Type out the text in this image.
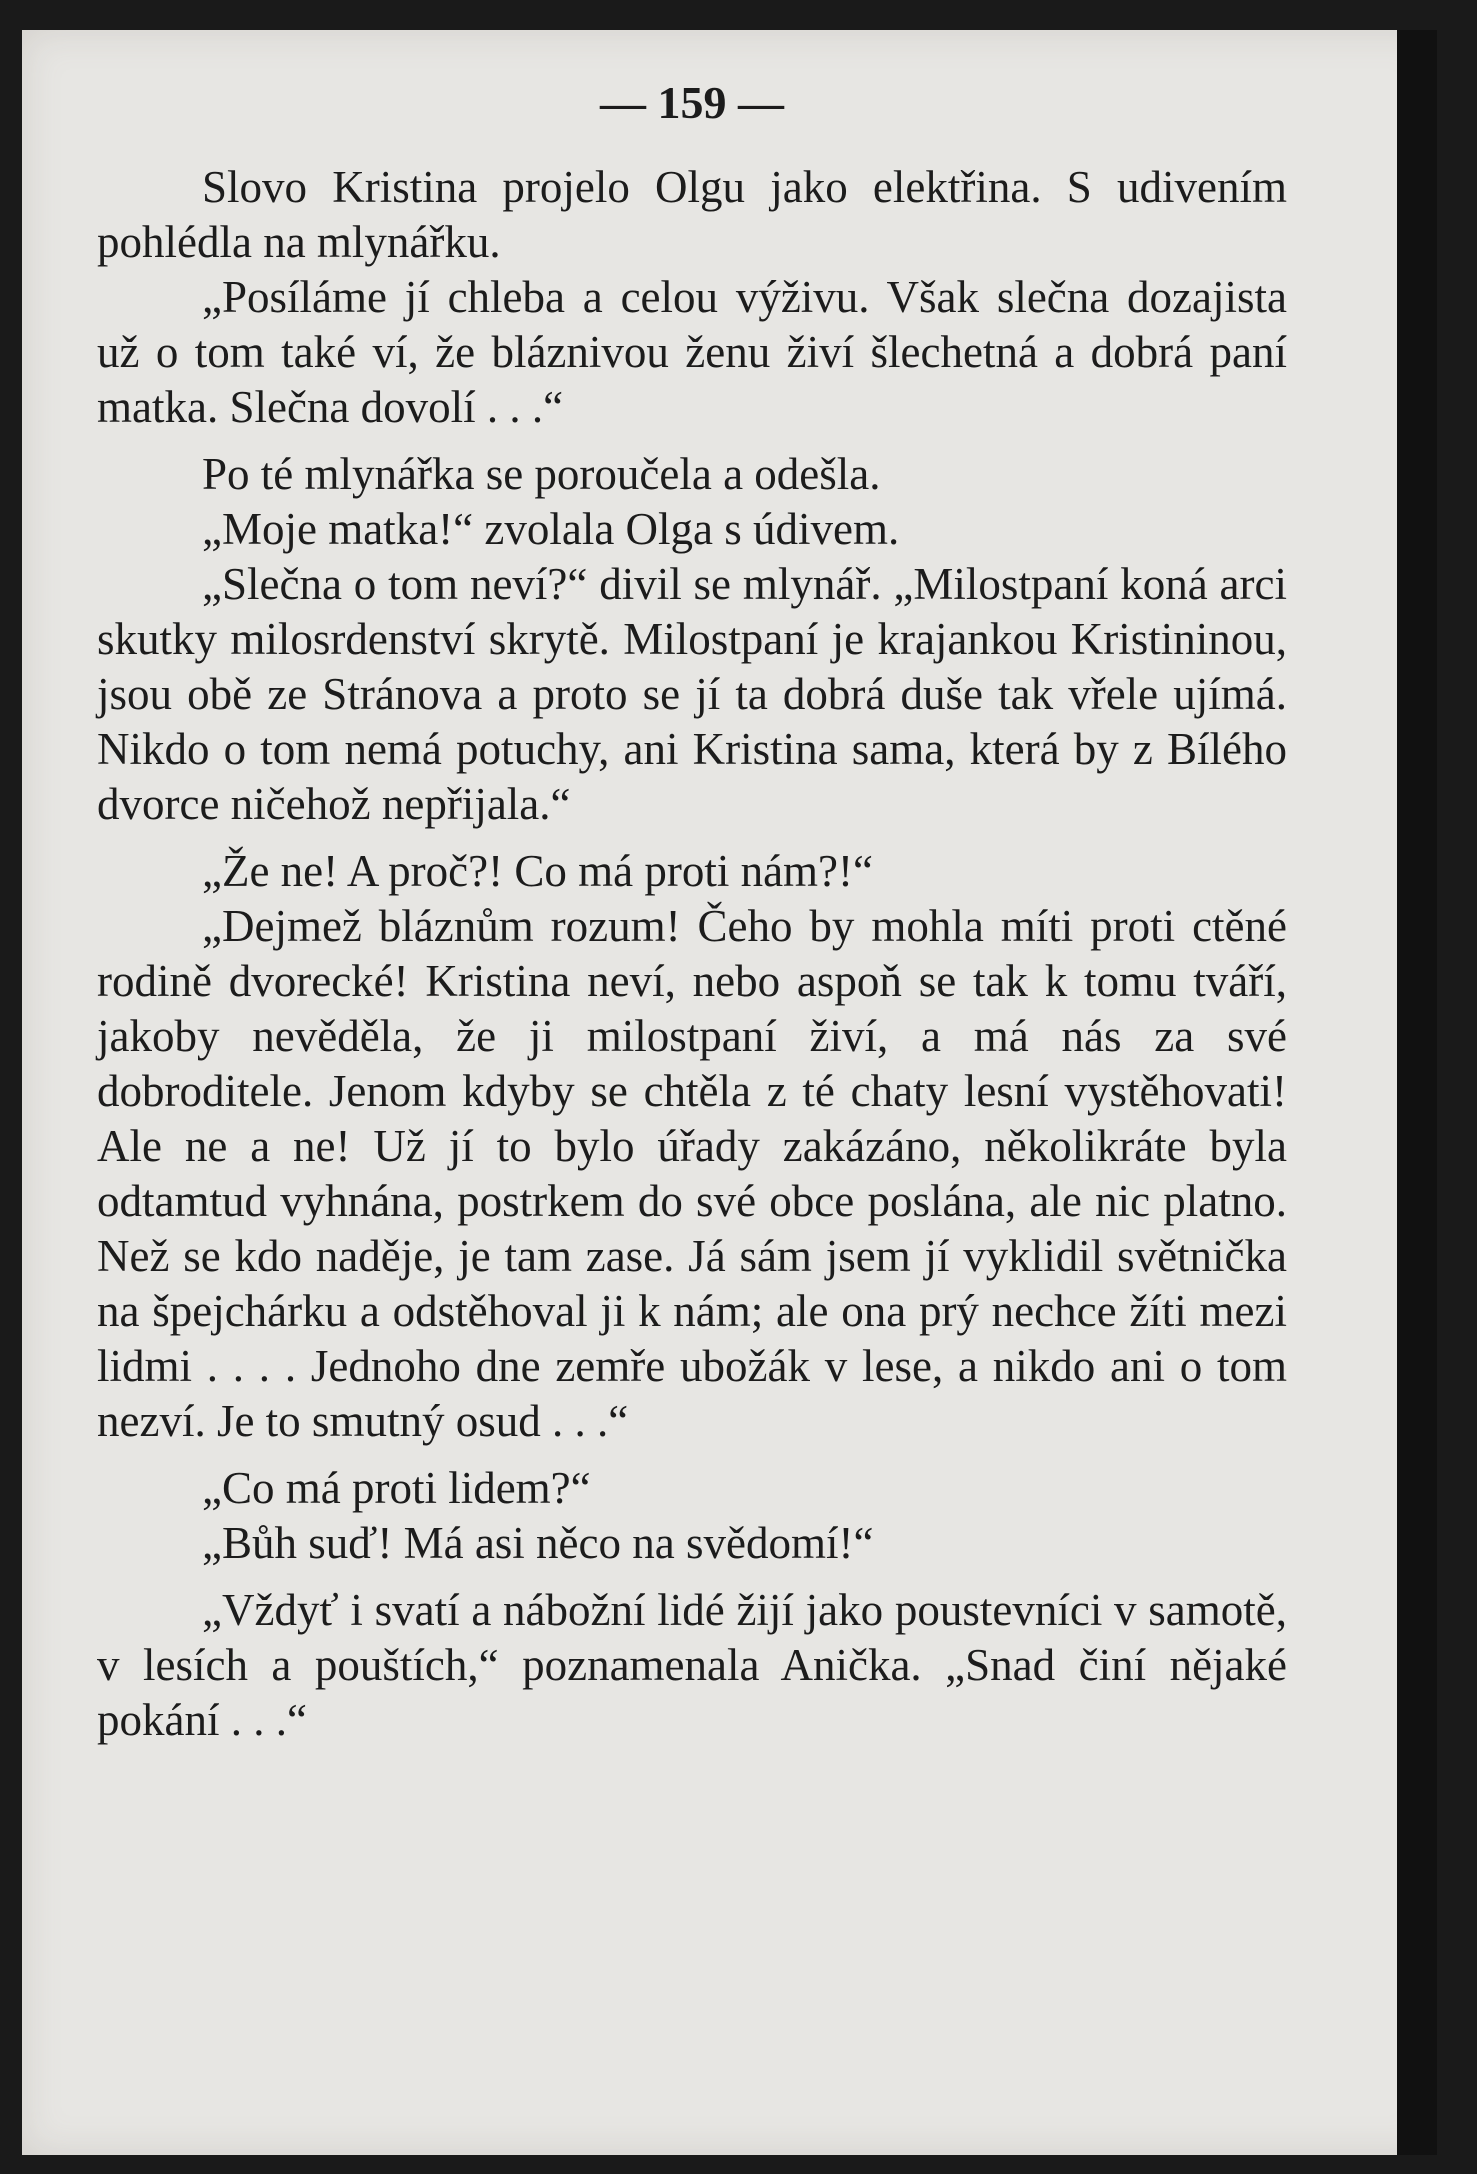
— 159 —

Slovo Kristina projelo Olgu jako elektřina. S udivením pohlédla na mlynářku.

„Posíláme jí chleba a celou výživu. Však slečna dozajista už o tom také ví, že bláznivou ženu živí šlechetná a dobrá paní matka. Slečna dovolí . . .“

Po té mlynářka se poroučela a odešla.

„Moje matka!“ zvolala Olga s údivem.

„Slečna o tom neví?“ divil se mlynář. „Milostpaní koná arci skutky milosrdenství skrytě. Milostpaní je krajankou Kristininou, jsou obě ze Stránova a proto se jí ta dobrá duše tak vřele ujímá. Nikdo o tom nemá potuchy, ani Kristina sama, která by z Bílého dvorce ničehož nepřijala.“

„Že ne! A proč?! Co má proti nám?!“

„Dejmež bláznům rozum! Čeho by mohla míti proti ctěné rodině dvorecké! Kristina neví, nebo aspoň se tak k tomu tváří, jakoby nevěděla, že ji milostpaní živí, a má nás za své dobroditele. Jenom kdyby se chtěla z té chaty lesní vystěhovati! Ale ne a ne! Už jí to bylo úřady zakázáno, několikráte byla odtamtud vyhnána, postrkem do své obce poslána, ale nic platno. Než se kdo naděje, je tam zase. Já sám jsem jí vyklidil světnička na špejchárku a odstěhoval ji k nám; ale ona prý nechce žíti mezi lidmi . . . . Jednoho dne zemře ubožák v lese, a nikdo ani o tom nezví. Je to smutný osud . . .“

„Co má proti lidem?“

„Bůh suď! Má asi něco na svědomí!“

„Vždyť i svatí a nábožní lidé žijí jako poustevníci v samotě, v lesích a pouštích,“ poznamenala Anička. „Snad činí nějaké pokání . . .“
